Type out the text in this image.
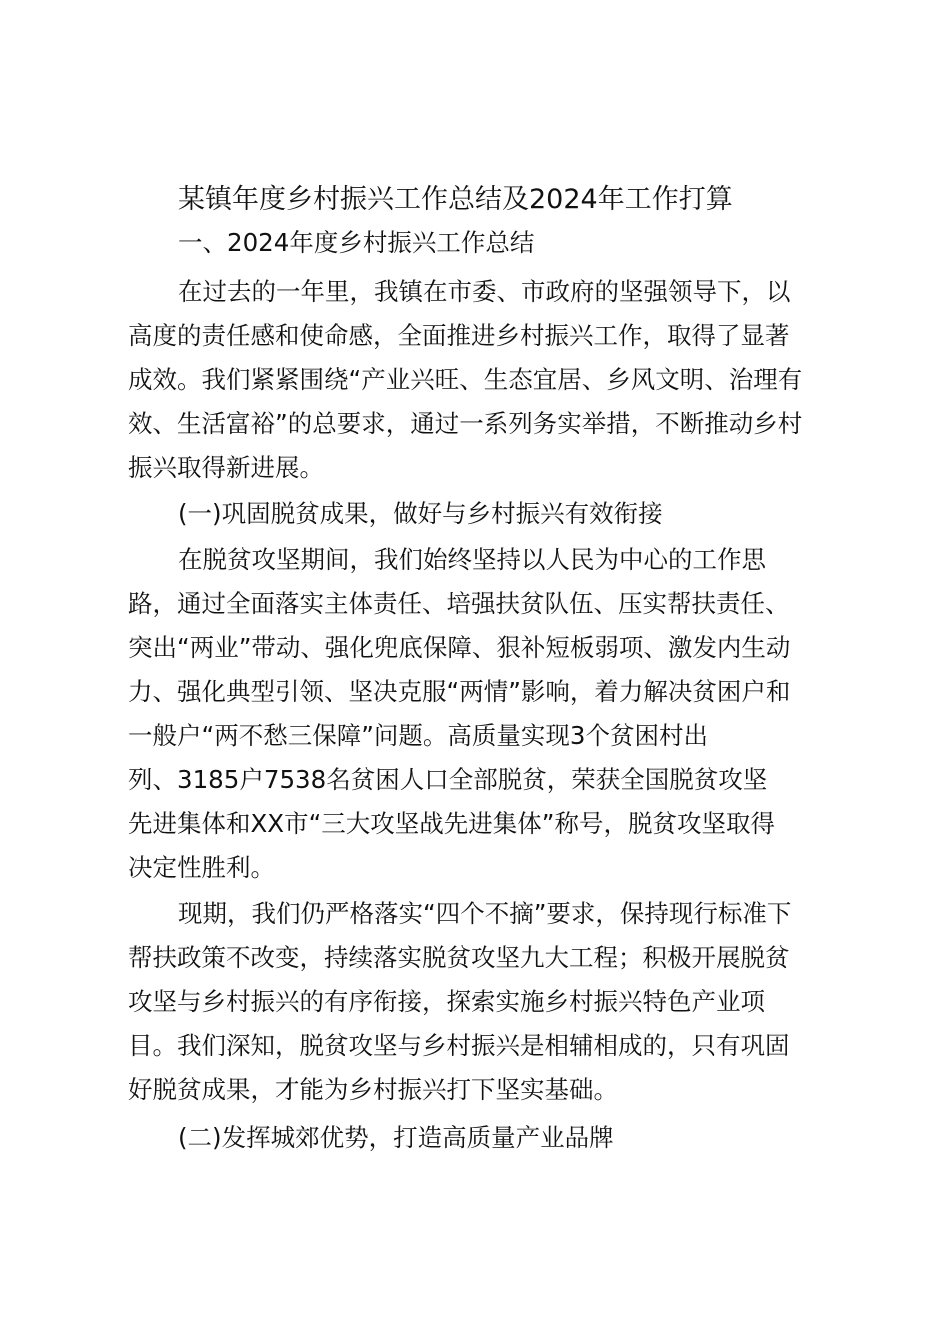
某镇年度乡村振兴工作总结及2024年工作打算
一、2024年度乡村振兴工作总结
在过去的一年里，我镇在市委、市政府的坚强领导下，以
高度的责任感和使命感，全面推进乡村振兴工作，取得了显著
成效。我们紧紧围绕“产业兴旺、生态宜居、乡风文明、治理有
效、生活富裕”的总要求，通过一系列务实举措，不断推动乡村
振兴取得新进展。
(一)巩固脱贫成果，做好与乡村振兴有效衔接
在脱贫攻坚期间，我们始终坚持以人民为中心的工作思
路，通过全面落实主体责任、培强扶贫队伍、压实帮扶责任、
突出“两业”带动、强化兜底保障、狠补短板弱项、激发内生动
力、强化典型引领、坚决克服“两情”影响，着力解决贫困户和
一般户“两不愁三保障”问题。高质量实现3个贫困村出
列、3185户7538名贫困人口全部脱贫，荣获全国脱贫攻坚
先进集体和XX市“三大攻坚战先进集体”称号，脱贫攻坚取得
决定性胜利。
现期，我们仍严格落实“四个不摘”要求，保持现行标准下
帮扶政策不改变，持续落实脱贫攻坚九大工程；积极开展脱贫
攻坚与乡村振兴的有序衔接，探索实施乡村振兴特色产业项
目。我们深知，脱贫攻坚与乡村振兴是相辅相成的，只有巩固
好脱贫成果，才能为乡村振兴打下坚实基础。
(二)发挥城郊优势，打造高质量产业品牌
